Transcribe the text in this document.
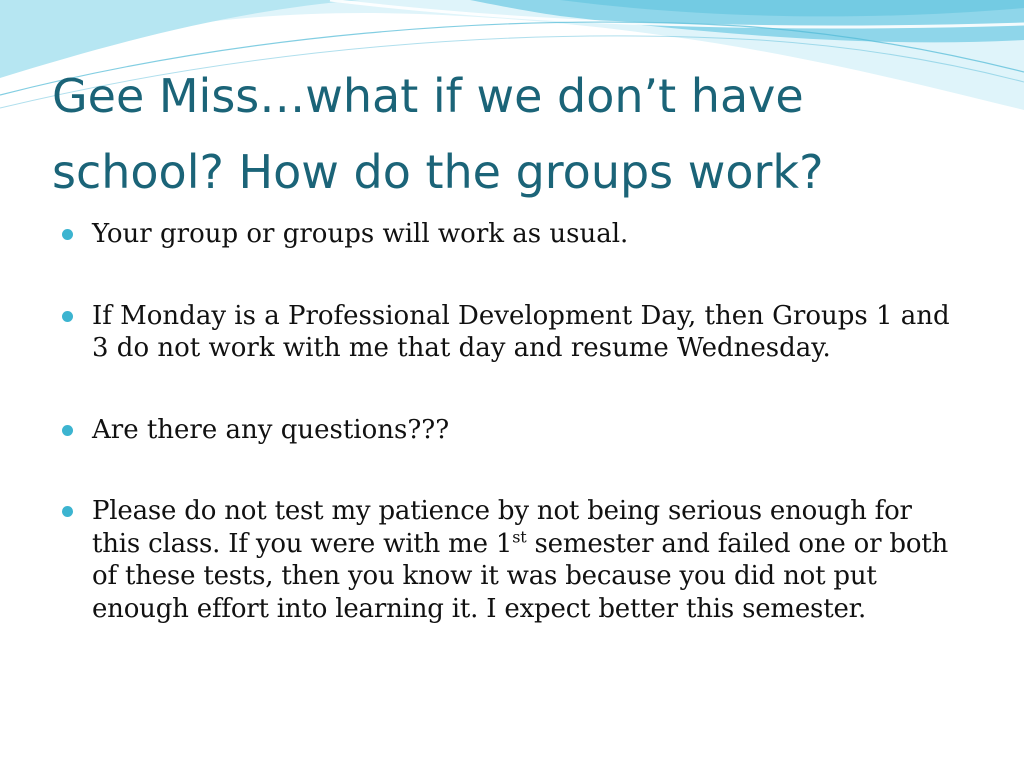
Gee Miss…what if we don’t have
school? How do the groups work?
Your group or groups will work as usual.
If Monday is a Professional Development Day, then Groups 1 and 3 do not work with me that day and resume Wednesday.
Are there any questions???
Please do not test my patience by not being serious enough for this class. If you were with me 1st semester and failed one or both of these tests, then you know it was because you did not put enough effort into learning it. I expect better this semester.
